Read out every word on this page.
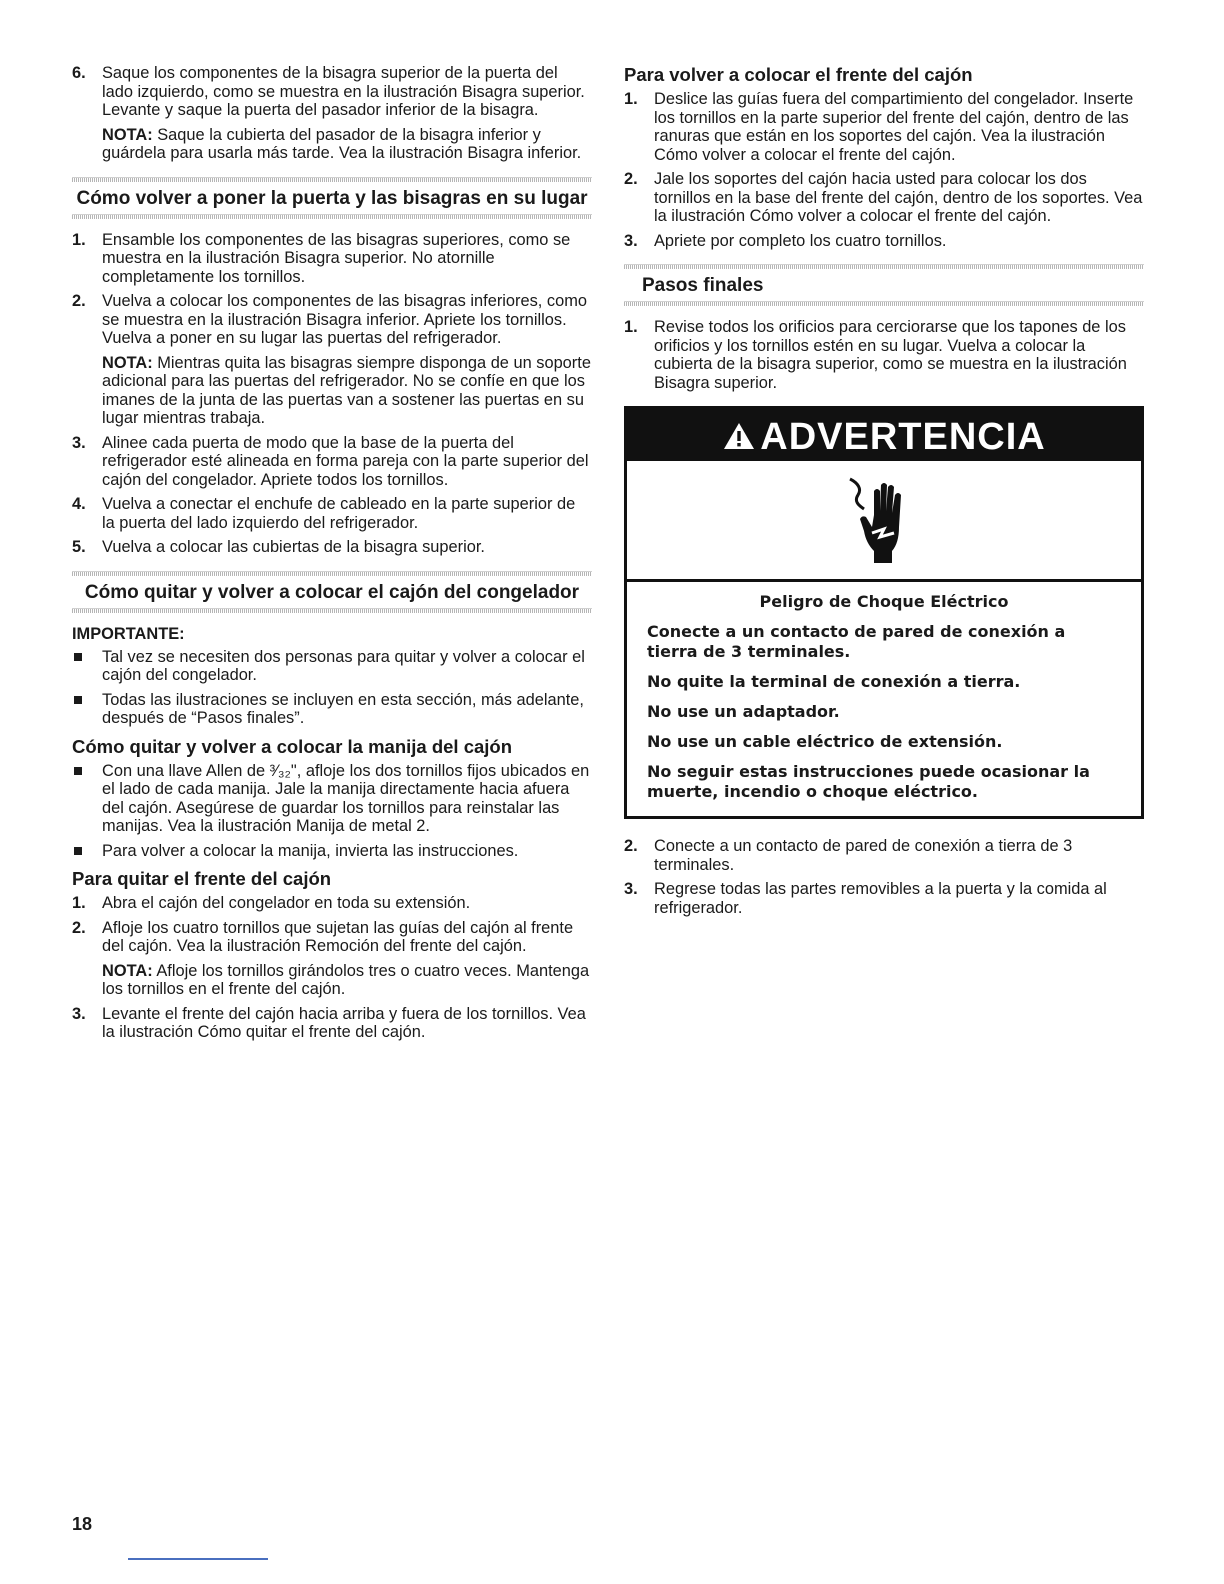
6. Saque los componentes de la bisagra superior de la puerta del lado izquierdo, como se muestra en la ilustración Bisagra superior. Levante y saque la puerta del pasador inferior de la bisagra.

NOTA: Saque la cubierta del pasador de la bisagra inferior y guárdela para usarla más tarde. Vea la ilustración Bisagra inferior.

Cómo volver a poner la puerta y las bisagras en su lugar
1. Ensamble los componentes de las bisagras superiores, como se muestra en la ilustración Bisagra superior. No atornille completamente los tornillos.
2. Vuelva a colocar los componentes de las bisagras inferiores, como se muestra en la ilustración Bisagra inferior. Apriete los tornillos. Vuelva a poner en su lugar las puertas del refrigerador.

NOTA: Mientras quita las bisagras siempre disponga de un soporte adicional para las puertas del refrigerador. No se confíe en que los imanes de la junta de las puertas van a sostener las puertas en su lugar mientras trabaja.

3. Alinee cada puerta de modo que la base de la puerta del refrigerador esté alineada en forma pareja con la parte superior del cajón del congelador. Apriete todos los tornillos.
4. Vuelva a conectar el enchufe de cableado en la parte superior de la puerta del lado izquierdo del refrigerador.
5. Vuelva a colocar las cubiertas de la bisagra superior.
Cómo quitar y volver a colocar el cajón del congelador
IMPORTANTE:
Tal vez se necesiten dos personas para quitar y volver a colocar el cajón del congelador.
Todas las ilustraciones se incluyen en esta sección, más adelante, después de “Pasos finales”.
Cómo quitar y volver a colocar la manija del cajón
Con una llave Allen de ³⁄₃₂", afloje los dos tornillos fijos ubicados en el lado de cada manija. Jale la manija directamente hacia afuera del cajón. Asegúrese de guardar los tornillos para reinstalar las manijas. Vea la ilustración Manija de metal 2.
Para volver a colocar la manija, invierta las instrucciones.
Para quitar el frente del cajón
1. Abra el cajón del congelador en toda su extensión.
2. Afloje los cuatro tornillos que sujetan las guías del cajón al frente del cajón. Vea la ilustración Remoción del frente del cajón.

NOTA: Afloje los tornillos girándolos tres o cuatro veces. Mantenga los tornillos en el frente del cajón.

3. Levante el frente del cajón hacia arriba y fuera de los tornillos. Vea la ilustración Cómo quitar el frente del cajón.
Para volver a colocar el frente del cajón
1. Deslice las guías fuera del compartimiento del congelador. Inserte los tornillos en la parte superior del frente del cajón, dentro de las ranuras que están en los soportes del cajón. Vea la ilustración Cómo volver a colocar el frente del cajón.
2. Jale los soportes del cajón hacia usted para colocar los dos tornillos en la base del frente del cajón, dentro de los soportes. Vea la ilustración Cómo volver a colocar el frente del cajón.
3. Apriete por completo los cuatro tornillos.
Pasos finales
1. Revise todos los orificios para cerciorarse que los tapones de los orificios y los tornillos estén en su lugar. Vuelva a colocar la cubierta de la bisagra superior, como se muestra en la ilustración Bisagra superior.
ADVERTENCIA

Peligro de Choque Eléctrico

Conecte a un contacto de pared de conexión a tierra de 3 terminales.

No quite la terminal de conexión a tierra.

No use un adaptador.

No use un cable eléctrico de extensión.

No seguir estas instrucciones puede ocasionar la muerte, incendio o choque eléctrico.

2. Conecte a un contacto de pared de conexión a tierra de 3 terminales.
3. Regrese todas las partes removibles a la puerta y la comida al refrigerador.
18
